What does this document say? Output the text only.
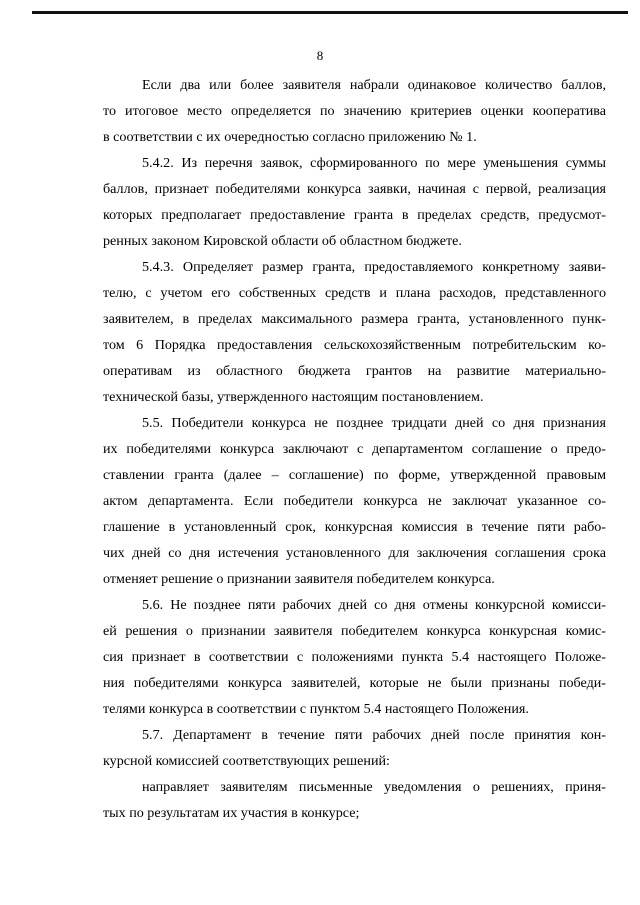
8
Если два или более заявителя набрали одинаковое количество баллов,
то итоговое место определяется по значению критериев оценки кооператива
в соответствии с их очередностью согласно приложению № 1.
5.4.2. Из перечня заявок, сформированного по мере уменьшения суммы
баллов, признает победителями конкурса заявки, начиная с первой, реализация
которых предполагает предоставление гранта в пределах средств, предусмот-
ренных законом Кировской области об областном бюджете.
5.4.3. Определяет размер гранта, предоставляемого конкретному заяви-
телю, с учетом его собственных средств и плана расходов, представленного
заявителем, в пределах максимального размера гранта, установленного пунк-
том 6 Порядка предоставления сельскохозяйственным потребительским ко-
оперативам из областного бюджета грантов на развитие материально-
технической базы, утвержденного настоящим постановлением.
5.5. Победители конкурса не позднее тридцати дней со дня признания
их победителями конкурса заключают с департаментом соглашение о предо-
ставлении гранта (далее – соглашение) по форме, утвержденной правовым
актом департамента. Если победители конкурса не заключат указанное со-
глашение в установленный срок, конкурсная комиссия в течение пяти рабо-
чих дней со дня истечения установленного для заключения соглашения срока
отменяет решение о признании заявителя победителем конкурса.
5.6. Не позднее пяти рабочих дней со дня отмены конкурсной комисси-
ей решения о признании заявителя победителем конкурса конкурсная комис-
сия признает в соответствии с положениями пункта 5.4 настоящего Положе-
ния победителями конкурса заявителей, которые не были признаны победи-
телями конкурса в соответствии с пунктом 5.4 настоящего Положения.
5.7. Департамент в течение пяти рабочих дней после принятия кон-
курсной комиссией соответствующих решений:
направляет заявителям письменные уведомления о решениях, приня-
тых по результатам их участия в конкурсе;
